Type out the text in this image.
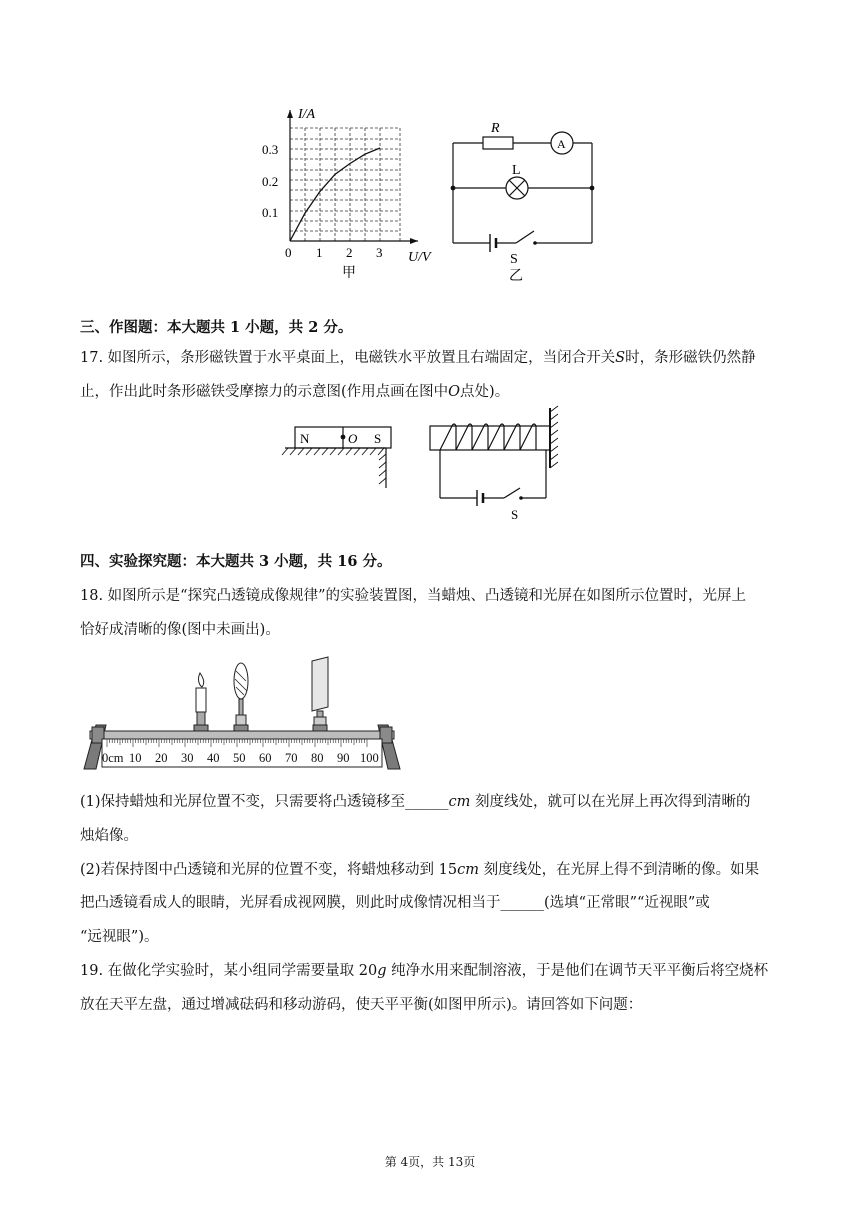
I/A
0.3
0.2
0.1
0 1 2 3 U/V
甲
R
A
L
S
乙
三、作图题：本大题共 1 小题，共 2 分。
17. 如图所示，条形磁铁置于水平桌面上，电磁铁水平放置且右端固定，当闭合开关S时，条形磁铁仍然静
止，作出此时条形磁铁受摩擦力的示意图(作用点画在图中O点处)。
N	O S
S
四、实验探究题：本大题共 3 小题，共 16 分。
18. 如图所示是“探究凸透镜成像规律”的实验装置图，当蜡烛、凸透镜和光屏在如图所示位置时，光屏上
恰好成清晰的像(图中未画出)。
0cm 10 20 30 40 50 60 70 80 90 100
(1)保持蜡烛和光屏位置不变，只需要将凸透镜移至______cm 刻度线处，就可以在光屏上再次得到清晰的
烛焰像。
(2)若保持图中凸透镜和光屏的位置不变，将蜡烛移动到 15cm 刻度线处，在光屏上得不到清晰的像。如果
把凸透镜看成人的眼睛，光屏看成视网膜，则此时成像情况相当于______(选填“正常眼”“近视眼”或
“远视眼”)。
19. 在做化学实验时，某小组同学需要量取 20g 纯净水用来配制溶液，于是他们在调节天平平衡后将空烧杯
放在天平左盘，通过增减砝码和移动游码，使天平平衡(如图甲所示)。请回答如下问题：
第 4页，共 13页
